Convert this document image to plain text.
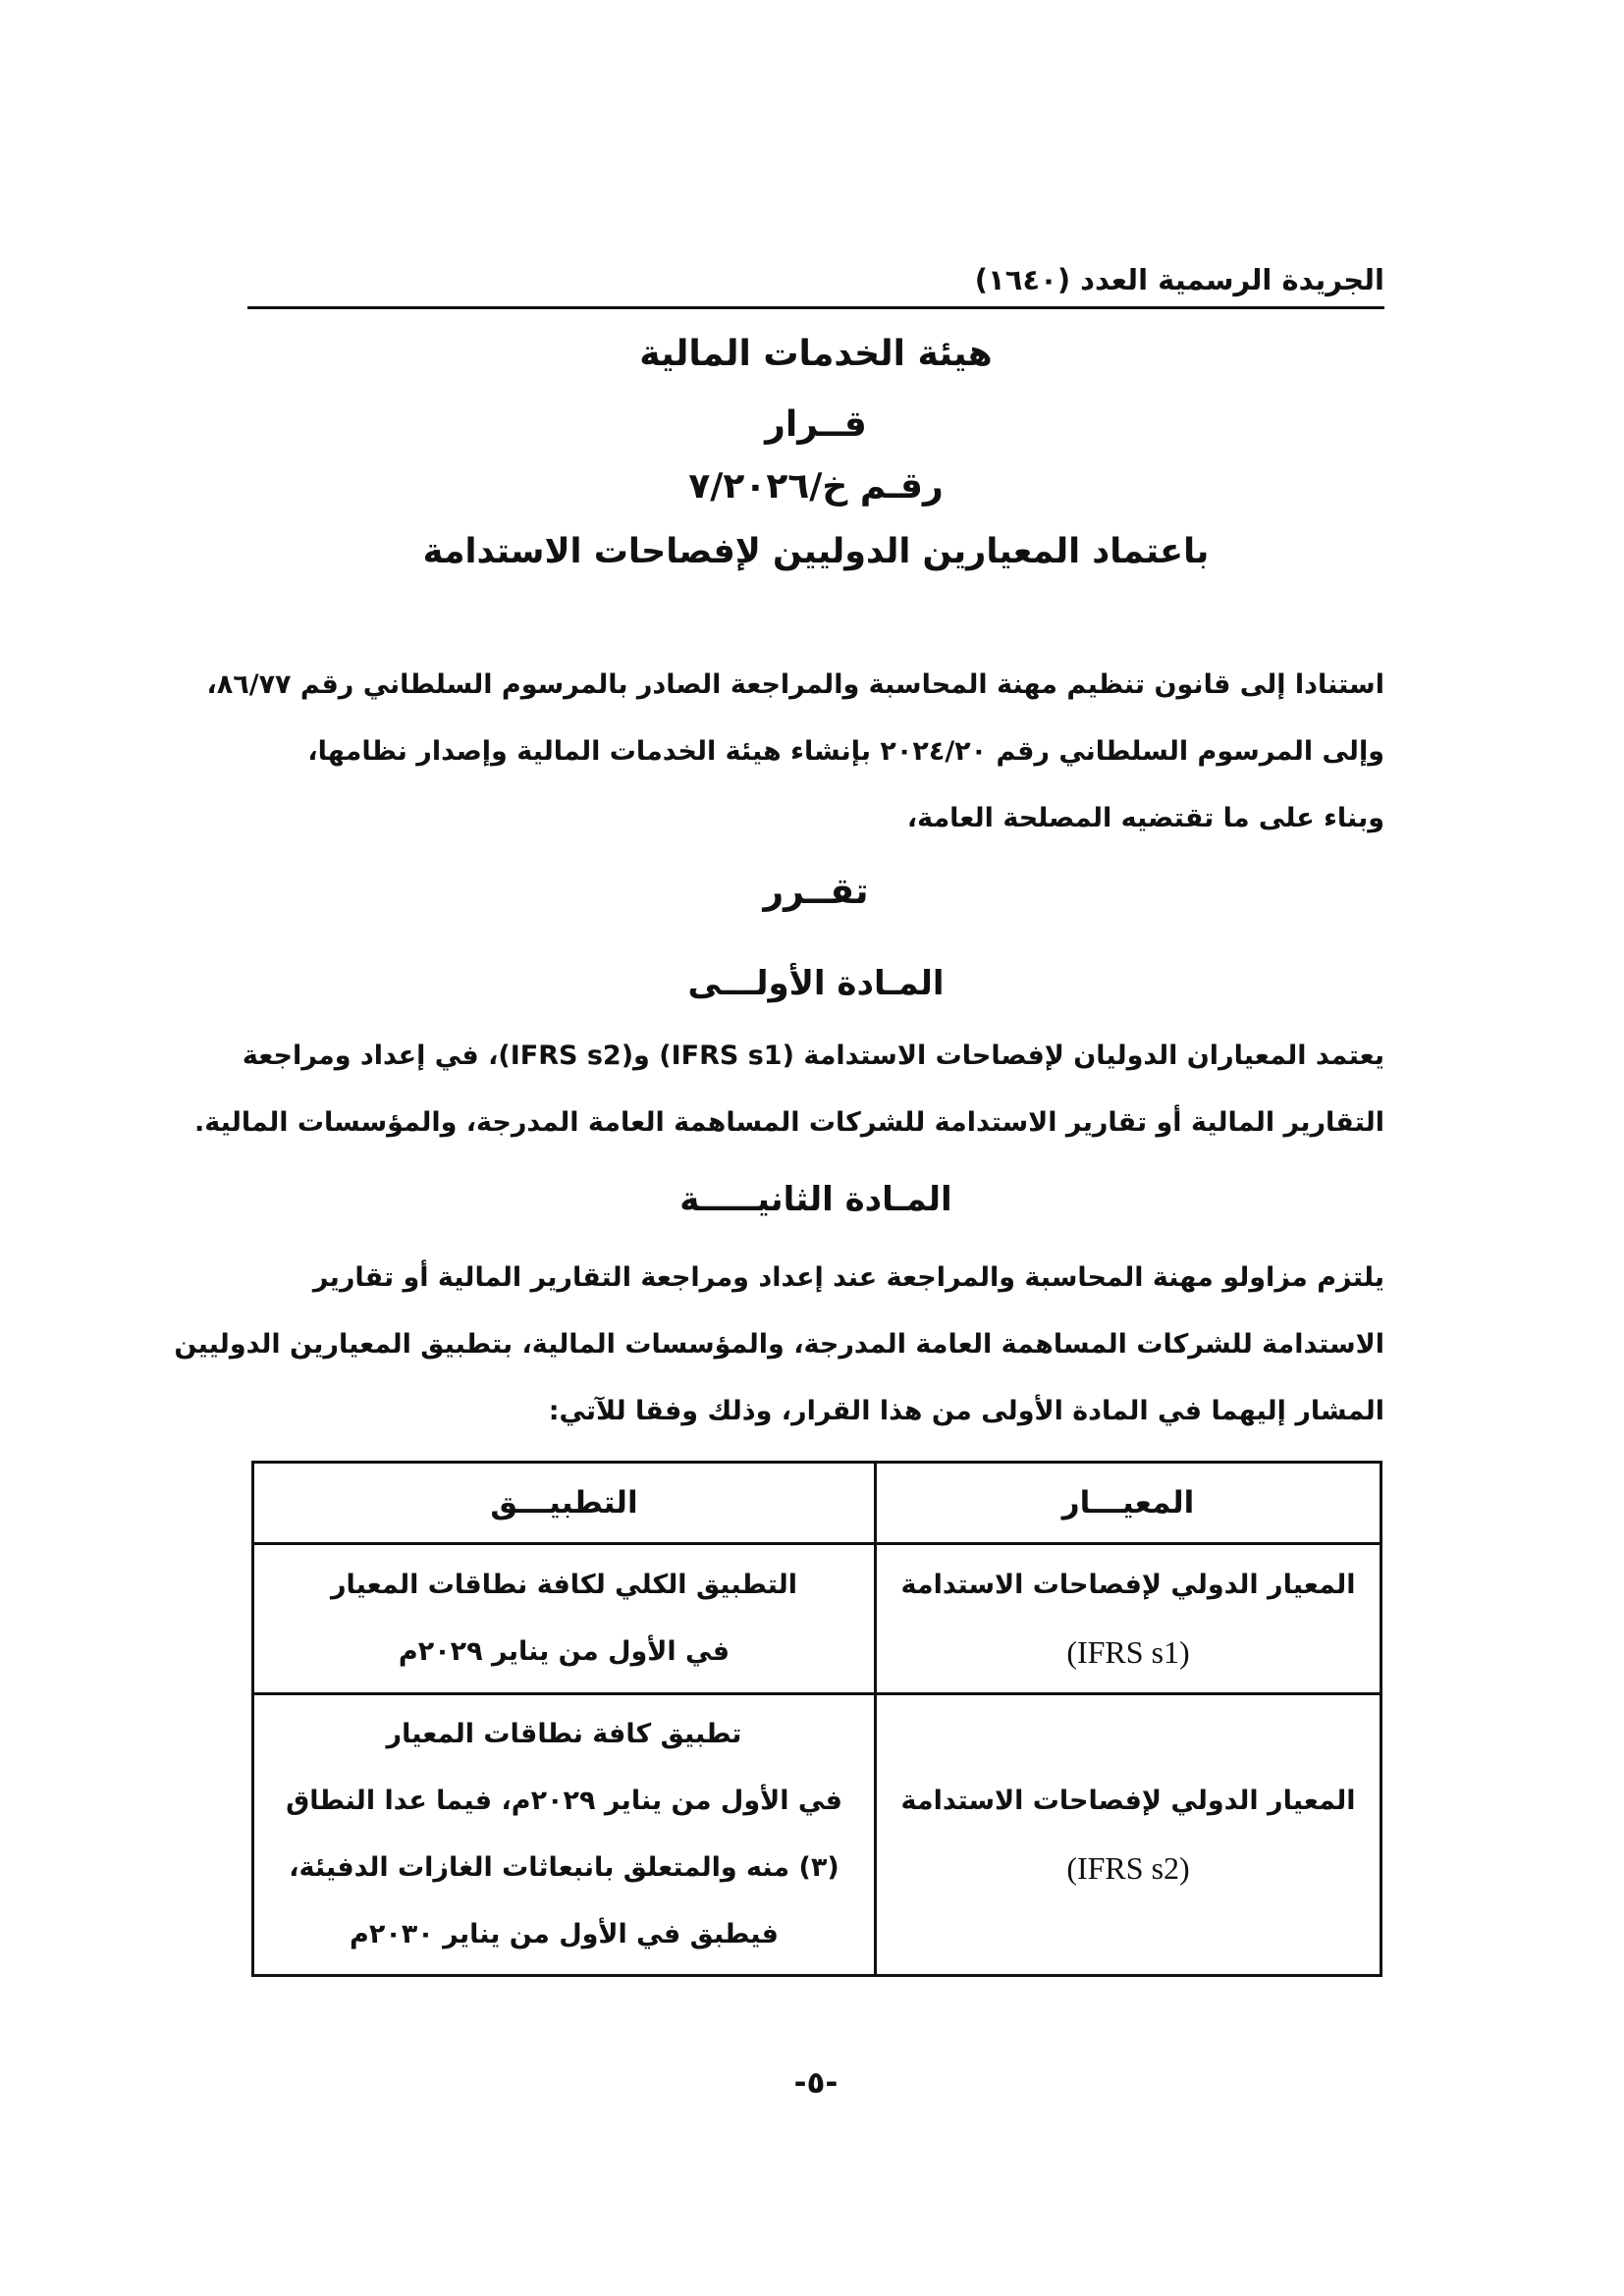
الجريدة الرسمية العدد (١٦٤٠)
هيئة الخدمات المالية
قــرار
رقـم خ/٧/٢٠٢٦
باعتماد المعيارين الدوليين لإفصاحات الاستدامة
استنادا إلى قانون تنظيم مهنة المحاسبة والمراجعة الصادر بالمرسوم السلطاني رقم ٨٦/٧٧،
وإلى المرسوم السلطاني رقم ٢٠٢٤/٢٠ بإنشاء هيئة الخدمات المالية وإصدار نظامها،
وبناء على ما تقتضيه المصلحة العامة،
تقــرر
المـادة الأولـــى
يعتمد المعياران الدوليان لإفصاحات الاستدامة (IFRS s1) و(IFRS s2)، في إعداد ومراجعة
التقارير المالية أو تقارير الاستدامة للشركات المساهمة العامة المدرجة، والمؤسسات المالية.
المـادة الثانيـــــة
يلتزم مزاولو مهنة المحاسبة والمراجعة عند إعداد ومراجعة التقارير المالية أو تقارير
الاستدامة للشركات المساهمة العامة المدرجة، والمؤسسات المالية، بتطبيق المعيارين الدوليين
المشار إليهما في المادة الأولى من هذا القرار، وذلك وفقا للآتي:
المعيـــار	التطبيـــق

المعيار الدولي لإفصاحات الاستدامة
(IFRS s1)	التطبيق الكلي لكافة نطاقات المعيار
في الأول من يناير ٢٠٢٩م

المعيار الدولي لإفصاحات الاستدامة
(IFRS s2)	تطبيق كافة نطاقات المعيار
في الأول من يناير ٢٠٢٩م، فيما عدا النطاق
(٣) منه والمتعلق بانبعاثات الغازات الدفيئة،
فيطبق في الأول من يناير ٢٠٣٠م
-٥-
